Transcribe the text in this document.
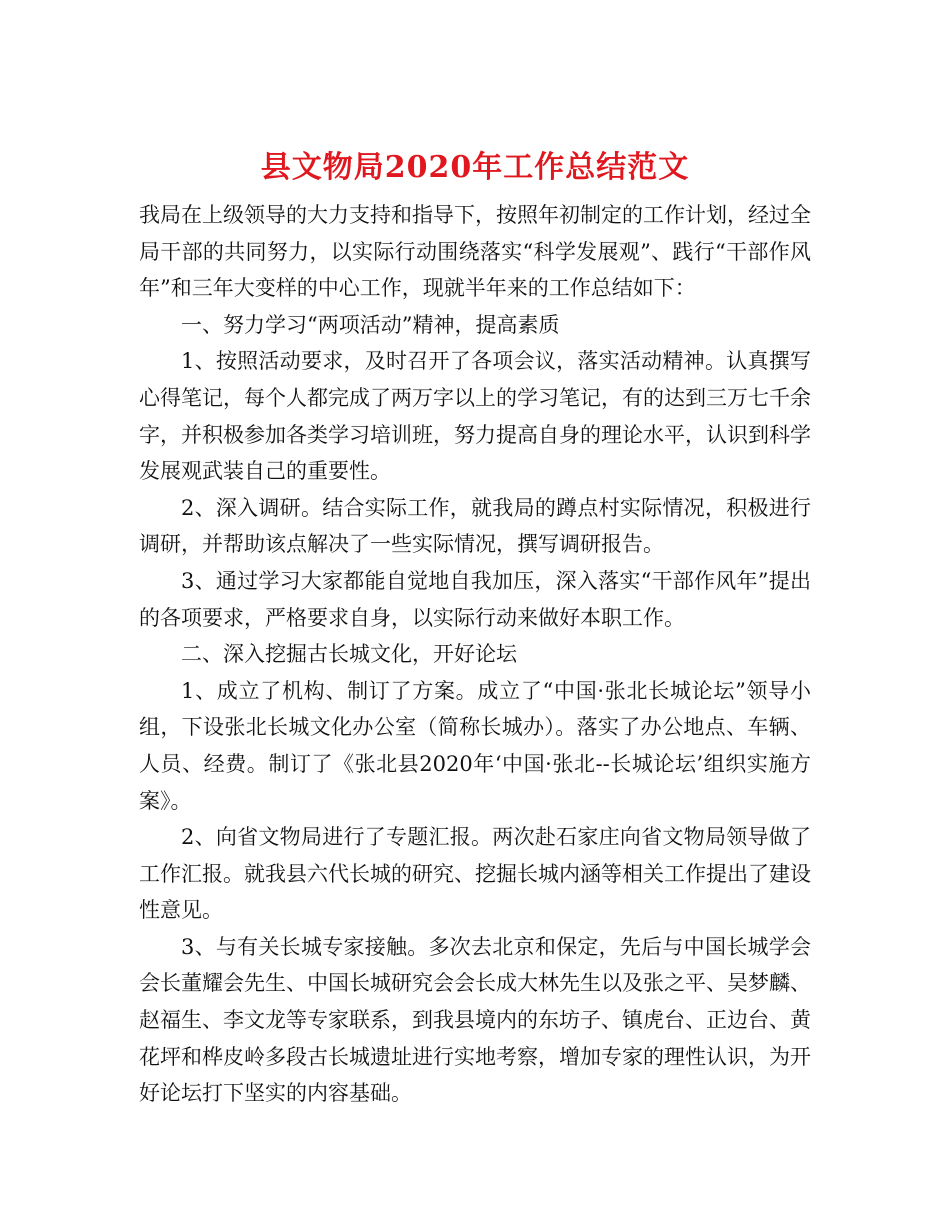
县文物局2020年工作总结范文

我局在上级领导的大力支持和指导下，按照年初制定的工作计划，经过全局干部的共同努力，以实际行动围绕落实“科学发展观”、践行“干部作风年”和三年大变样的中心工作，现就半年来的工作总结如下：

一、努力学习“两项活动”精神，提高素质

1、按照活动要求，及时召开了各项会议，落实活动精神。认真撰写心得笔记，每个人都完成了两万字以上的学习笔记，有的达到三万七千余字，并积极参加各类学习培训班，努力提高自身的理论水平，认识到科学发展观武装自己的重要性。

2、深入调研。结合实际工作，就我局的蹲点村实际情况，积极进行调研，并帮助该点解决了一些实际情况，撰写调研报告。

3、通过学习大家都能自觉地自我加压，深入落实“干部作风年”提出的各项要求，严格要求自身，以实际行动来做好本职工作。

二、深入挖掘古长城文化，开好论坛

1、成立了机构、制订了方案。成立了“中国·张北长城论坛”领导小组，下设张北长城文化办公室（简称长城办）。落实了办公地点、车辆、人员、经费。制订了《张北县2020年‘中国·张北--长城论坛’组织实施方案》。

2、向省文物局进行了专题汇报。两次赴石家庄向省文物局领导做了工作汇报。就我县六代长城的研究、挖掘长城内涵等相关工作提出了建设性意见。

3、与有关长城专家接触。多次去北京和保定，先后与中国长城学会会长董耀会先生、中国长城研究会会长成大林先生以及张之平、吴梦麟、赵福生、李文龙等专家联系，到我县境内的东坊子、镇虎台、正边台、黄花坪和桦皮岭多段古长城遗址进行实地考察，增加专家的理性认识，为开好论坛打下坚实的内容基础。
